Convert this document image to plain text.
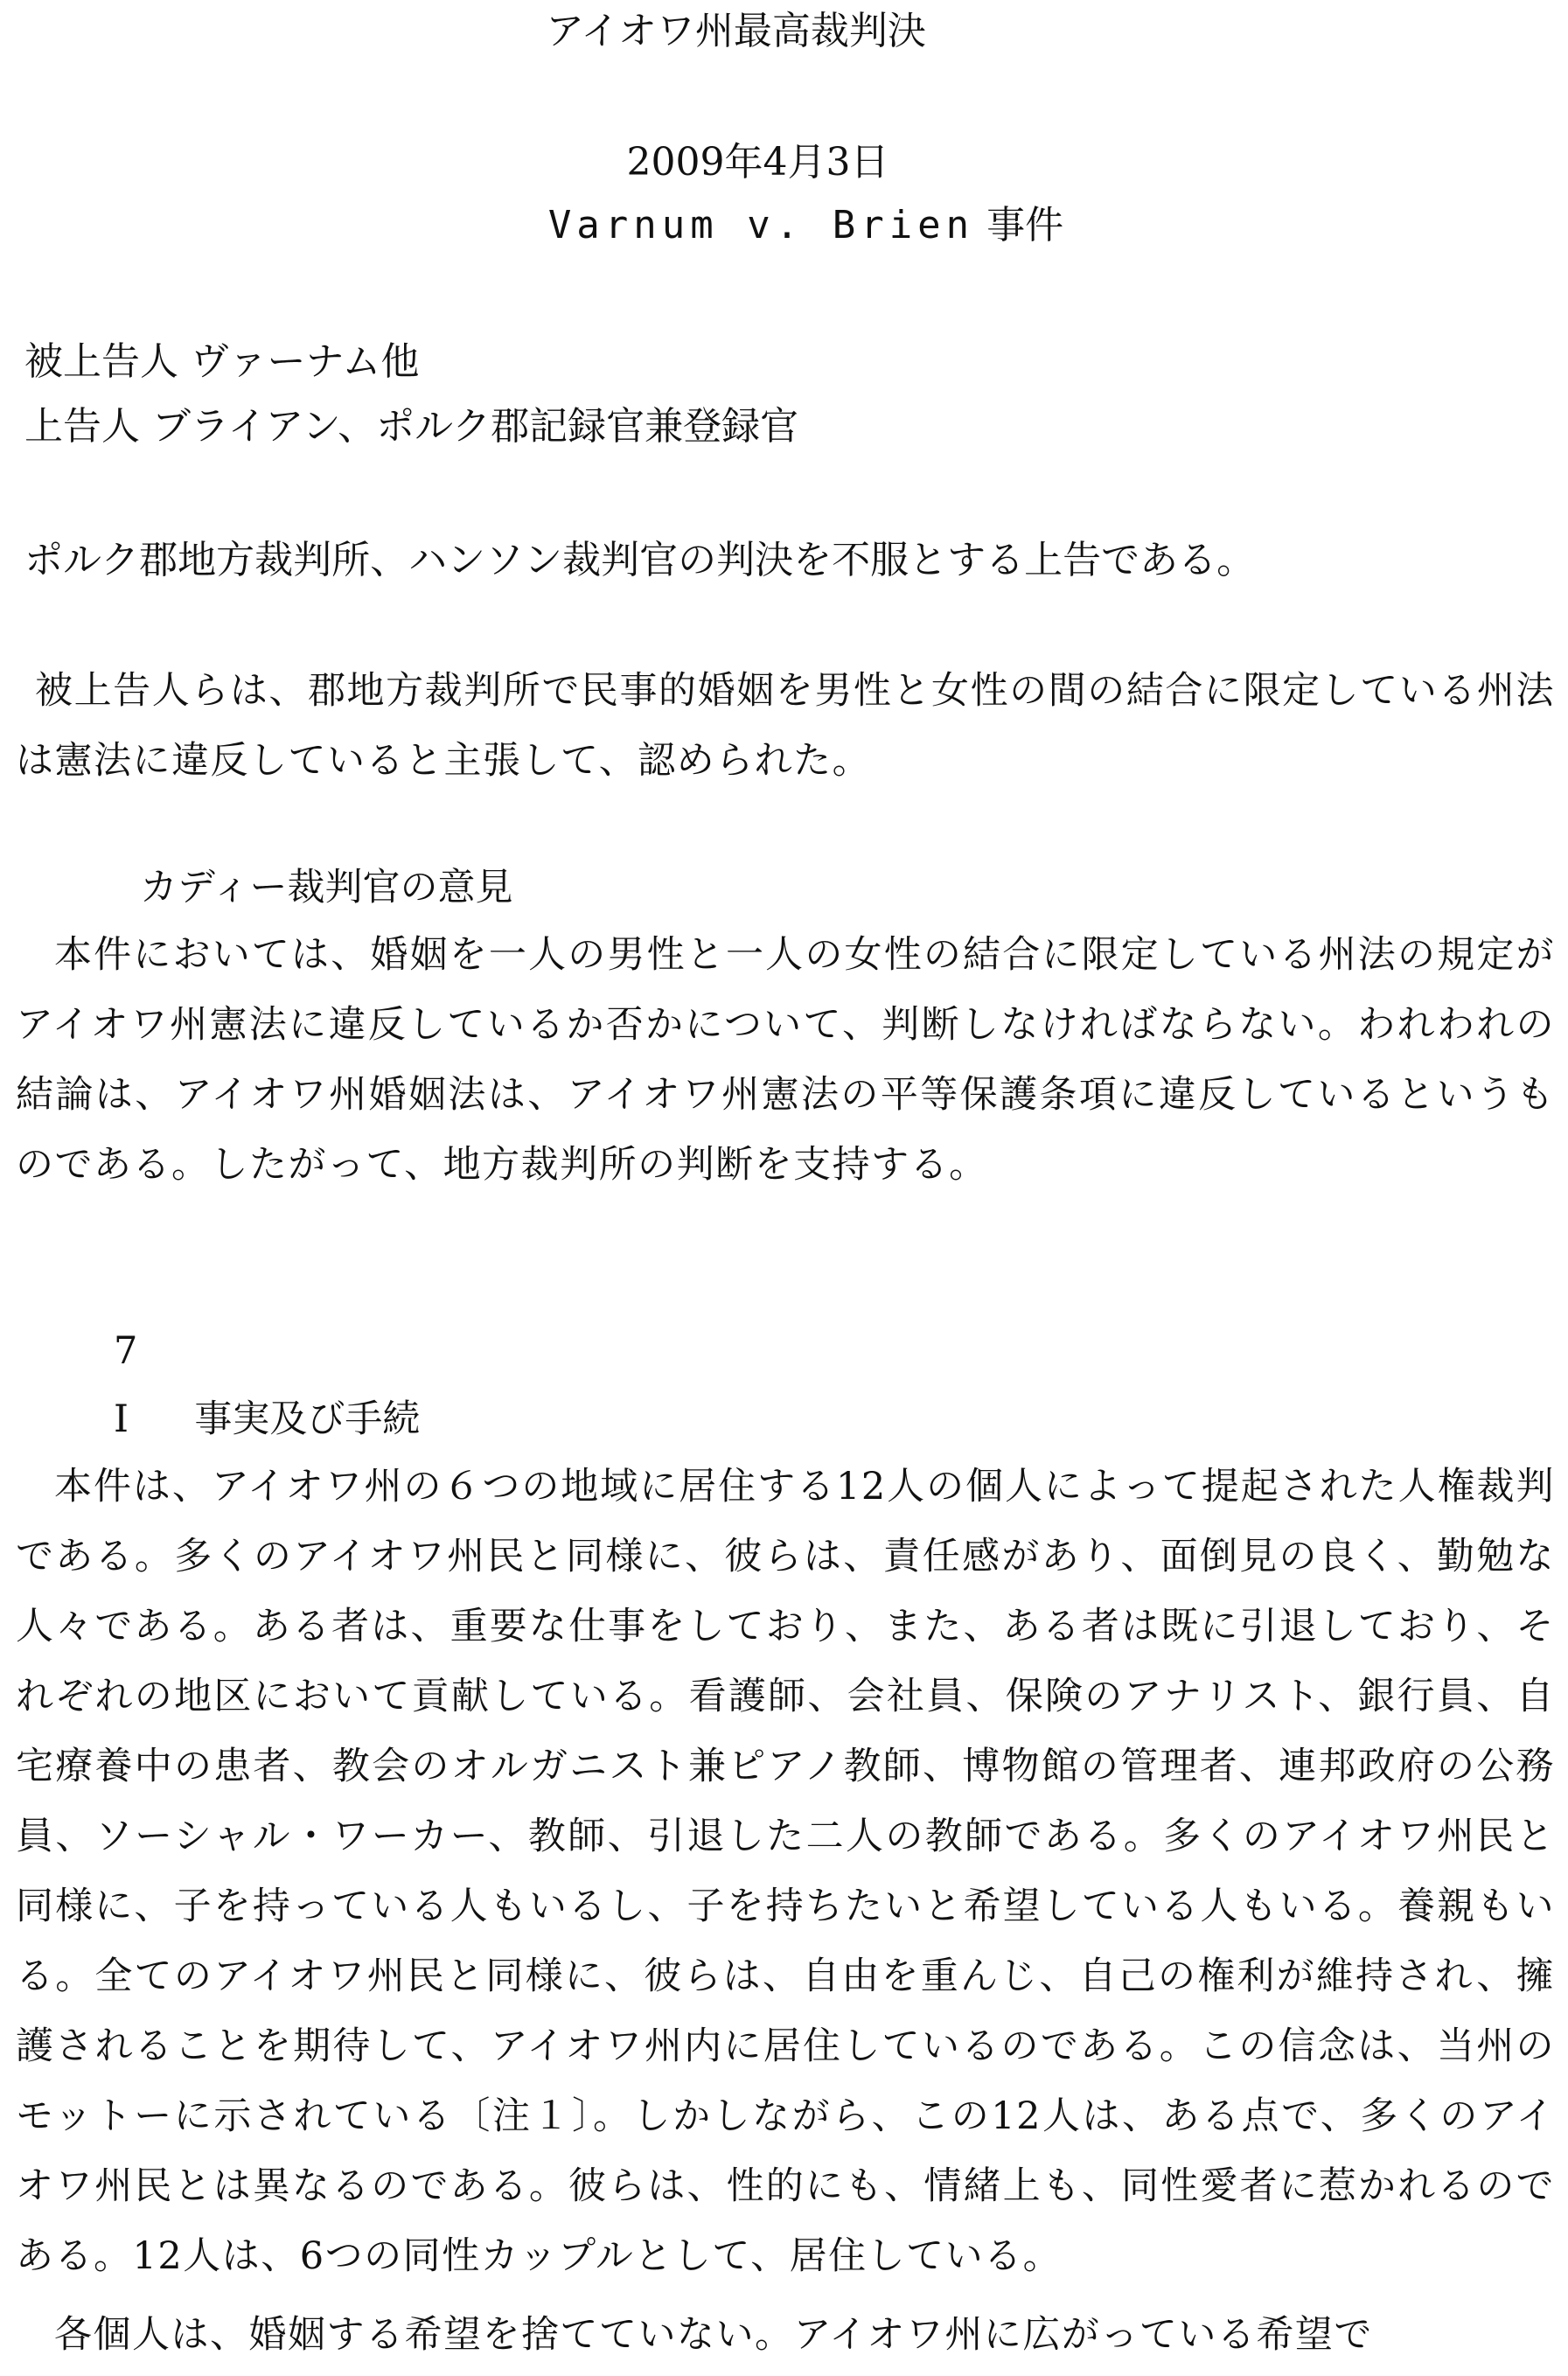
アイオワ州最高裁判決
2009年4月3日
Varnum v. Brien 事件
被上告人 ヴァーナム他
上告人 ブライアン、ポルク郡記録官兼登録官
ポルク郡地方裁判所、ハンソン裁判官の判決を不服とする上告である。
被上告人らは、郡地方裁判所で民事的婚姻を男性と女性の間の結合に限定している州法は憲法に違反していると主張して、認められた。
カディー裁判官の意見
本件においては、婚姻を一人の男性と一人の女性の結合に限定している州法の規定がアイオワ州憲法に違反しているか否かについて、判断しなければならない。われわれの結論は、アイオワ州婚姻法は、アイオワ州憲法の平等保護条項に違反しているというものである。したがって、地方裁判所の判断を支持する。
7
I 事実及び手続
本件は、アイオワ州の６つの地域に居住する12人の個人によって提起された人権裁判である。多くのアイオワ州民と同様に、彼らは、責任感があり、面倒見の良く、勤勉な人々である。ある者は、重要な仕事をしており、また、ある者は既に引退しており、それぞれの地区において貢献している。看護師、会社員、保険のアナリスト、銀行員、自宅療養中の患者、教会のオルガニスト兼ピアノ教師、博物館の管理者、連邦政府の公務員、ソーシャル・ワーカー、教師、引退した二人の教師である。多くのアイオワ州民と同様に、子を持っている人もいるし、子を持ちたいと希望している人もいる。養親もいる。全てのアイオワ州民と同様に、彼らは、自由を重んじ、自己の権利が維持され、擁護されることを期待して、アイオワ州内に居住しているのである。この信念は、当州のモットーに示されている〔注１〕。しかしながら、この12人は、ある点で、多くのアイオワ州民とは異なるのである。彼らは、性的にも、情緒上も、同性愛者に惹かれるのである。12人は、6つの同性カップルとして、居住している。
各個人は、婚姻する希望を捨てていない。アイオワ州に広がっている希望で
